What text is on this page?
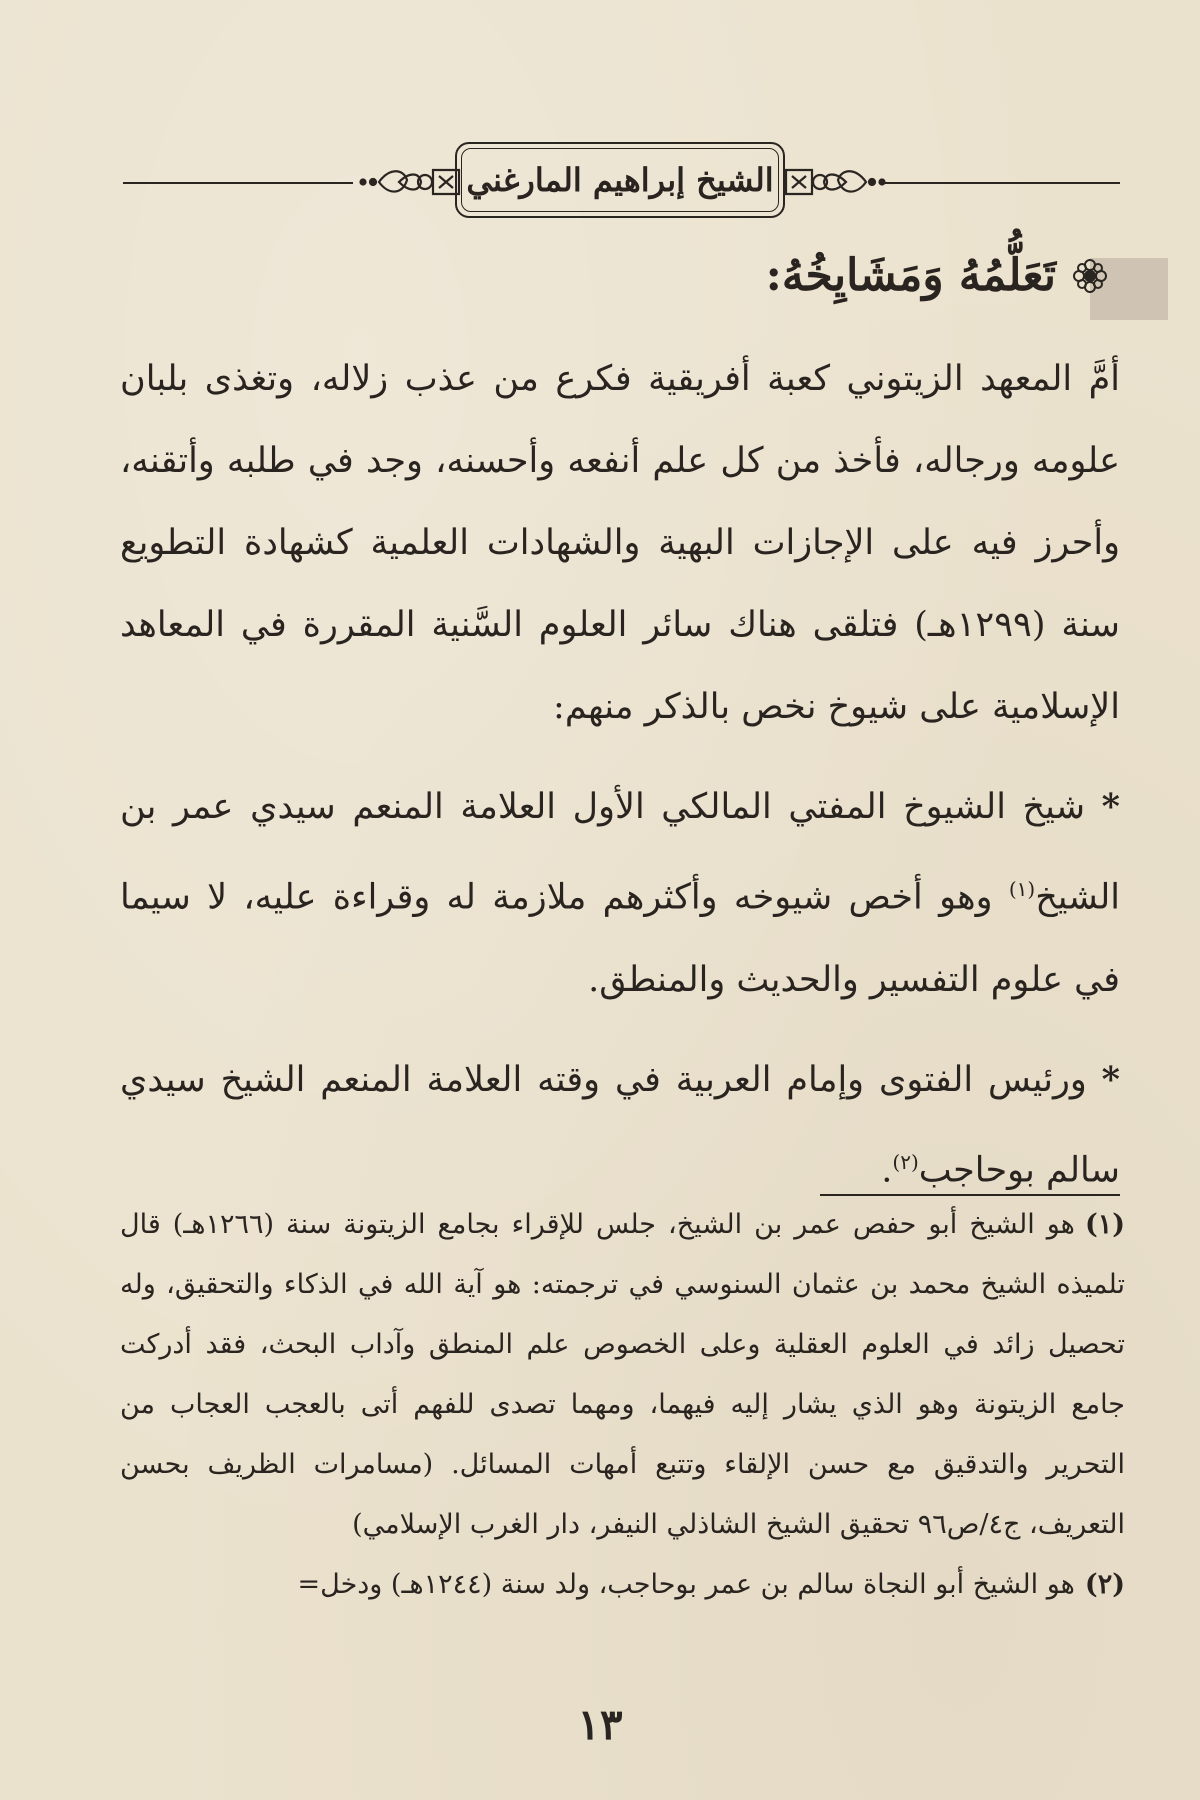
الشيخ إبراهيم المارغني
تَعَلُّمُهُ وَمَشَايِخُهُ:

أمَّ المعهد الزيتوني كعبة أفريقية فكرع من عذب زلاله، وتغذى بلبان علومه ورجاله، فأخذ من كل علم أنفعه وأحسنه، وجد في طلبه وأتقنه، وأحرز فيه على الإجازات البهية والشهادات العلمية كشهادة التطويع سنة (١٢٩٩هـ) فتلقى هناك سائر العلوم السَّنية المقررة في المعاهد الإسلامية على شيوخ نخص بالذكر منهم:

* شيخ الشيوخ المفتي المالكي الأول العلامة المنعم سيدي عمر بن الشيخ$^{(١)}$ وهو أخص شيوخه وأكثرهم ملازمة له وقراءة عليه، لا سيما في علوم التفسير والحديث والمنطق.

* ورئيس الفتوى وإمام العربية في وقته العلامة المنعم الشيخ سيدي سالم بوحاجب$^{(٢)}$.

(١)هو الشيخ أبو حفص عمر بن الشيخ، جلس للإقراء بجامع الزيتونة سنة (١٢٦٦هـ) قال تلميذه الشيخ محمد بن عثمان السنوسي في ترجمته: هو آية الله في الذكاء والتحقيق، وله تحصيل زائد في العلوم العقلية وعلى الخصوص علم المنطق وآداب البحث، فقد أدركت جامع الزيتونة وهو الذي يشار إليه فيهما، ومهما تصدى للفهم أتى بالعجب العجاب من التحرير والتدقيق مع حسن الإلقاء وتتبع أمهات المسائل. (مسامرات الظريف بحسن التعريف، ج٤/ص٩٦ تحقيق الشيخ الشاذلي النيفر، دار الغرب الإسلامي)

(٢)هو الشيخ أبو النجاة سالم بن عمر بوحاجب، ولد سنة (١٢٤٤هـ) ودخل=

١٣
